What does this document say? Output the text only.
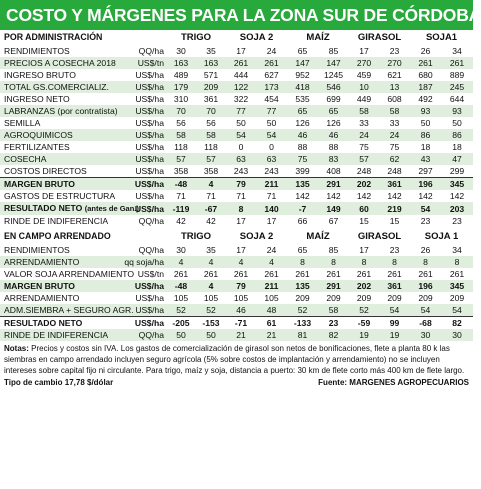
COSTO Y MÁRGENES PARA LA ZONA SUR DE CÓRDOBA
POR ADMINISTRACIÓN		TRIGO		SOJA 2		MAÍZ		GIRASOL		SOJA1	
RENDIMIENTOS	QQ/ha	30	35	17	24	65	85	17	23	26	34
PRECIOS A COSECHA 2018	US$/tn	163	163	261	261	147	147	270	270	261	261
INGRESO BRUTO	US$/ha	489	571	444	627	952	1245	459	621	680	889
TOTAL GS.COMERCIALIZ.	US$/ha	179	209	122	173	418	546	10	13	187	245
INGRESO NETO	US$/ha	310	361	322	454	535	699	449	608	492	644
LABRANZAS (por contratista)	US$/ha	70	70	77	77	65	65	58	58	93	93
SEMILLA	US$/ha	56	56	50	50	126	126	33	33	50	50
AGROQUIMICOS	US$/ha	58	58	54	54	46	46	24	24	86	86
FERTILIZANTES	US$/ha	118	118	0	0	88	88	75	75	18	18
COSECHA	US$/ha	57	57	63	63	75	83	57	62	43	47
COSTOS DIRECTOS	US$/ha	358	358	243	243	399	408	248	248	297	299
MARGEN BRUTO	US$/ha	-48	4	79	211	135	291	202	361	196	345
GASTOS DE ESTRUCTURA	US$/ha	71	71	71	71	142	142	142	142	142	142
RESULTADO NETO (antes de Gan.)	US$/ha	-119	-67	8	140	-7	149	60	219	54	203
RINDE DE INDIFERENCIA	QQ/ha	42	42	17	17	66	67	15	15	23	23
EN CAMPO ARRENDADO		TRIGO		SOJA 2		MAÍZ		GIRASOL		SOJA 1	
RENDIMIENTOS	QQ/ha	30	35	17	24	65	85	17	23	26	34
ARRENDAMIENTO	qq soja/ha	4	4	4	4	8	8	8	8	8	8
VALOR SOJA ARRENDAMIENTO	US$/tn	261	261	261	261	261	261	261	261	261	261
MARGEN BRUTO	US$/ha	-48	4	79	211	135	291	202	361	196	345
ARRENDAMIENTO	US$/ha	105	105	105	105	209	209	209	209	209	209
ADM.SIEMBRA + SEGURO AGR.	US$/ha	52	52	46	48	52	58	52	54	54	54
RESULTADO NETO	US$/ha	-205	-153	-71	61	-133	23	-59	99	-68	82
RINDE DE INDIFERENCIA	QQ/ha	50	50	21	21	81	82	19	19	30	30
Notas: Precios y costos sin IVA. Los gastos de comercialización de girasol son netos de bonificaciones, flete a planta 80 k las siembras en campo arrendado incluyen seguro agrícola (5% sobre costos de implantación y arrendamiento) no se incluyen intereses sobre capital fijo ni circulante. Para trigo, maíz y soja, distancia a puerto: 30 km de flete corto más 400 km de flete largo. Tipo de cambio 17,78 $/dólar	Fuente: MARGENES AGROPECUARIOS
